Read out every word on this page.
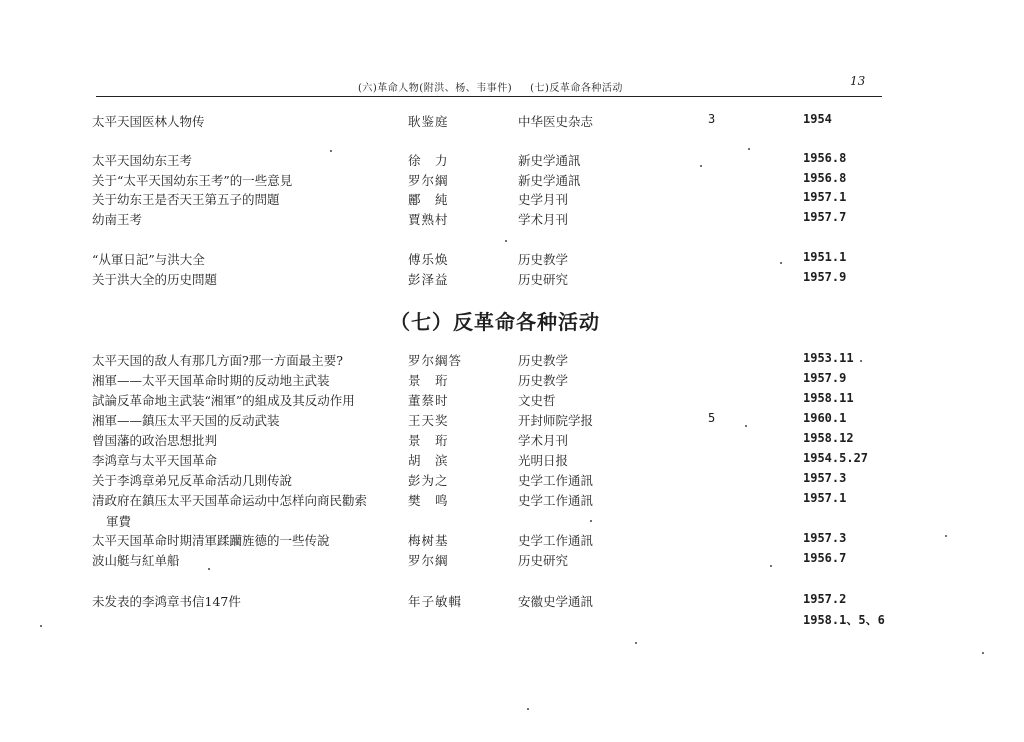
(六)革命人物(附洪、杨、韦事件) (七)反革命各种活动
13
太平天国医林人物传	耿鉴庭	中华医史杂志	3	1954
太平天国幼东王考	徐　力	新史学通訊	1956.8
关于“太平天国幼东王考”的一些意見	罗尔綱	新史学通訊	1956.8
关于幼东王是否天王第五子的問題	酈　純	史学月刊	1957.1
幼南王考	賈熟村	学术月刊	1957.7
“从軍日記”与洪大全	傅乐焕	历史教学	1951.1
关于洪大全的历史問題	彭泽益	历史研究	1957.9
（七）反革命各种活动
太平天国的敌人有那几方面?那一方面最主要?	罗尔綱答	历史教学	1953.11
湘軍——太平天国革命时期的反动地主武装	景　珩	历史教学	1957.9
試論反革命地主武装“湘軍”的組成及其反动作用	董蔡时	文史哲	1958.11
湘軍——鎮压太平天国的反动武装	王天奖	开封师院学报	5	1960.1
曾国藩的政治思想批判	景　珩	学术月刊	1958.12
李鸿章与太平天国革命	胡　滨	光明日报	1954.5.27
关于李鸿章弟兄反革命活动几則传說	彭为之	史学工作通訊	1957.3
清政府在鎮压太平天国革命运动中怎样向商民勸索	樊　鸣	史学工作通訊	1957.1
軍費
太平天国革命时期清軍蹂躪旌德的一些传說	梅树基	史学工作通訊	1957.3
波山艇与紅单船	罗尔綱	历史研究	1956.7
未发表的李鸿章书信147件	年子敏輯	安徽史学通訊	1957.2
1958.1、5、6
